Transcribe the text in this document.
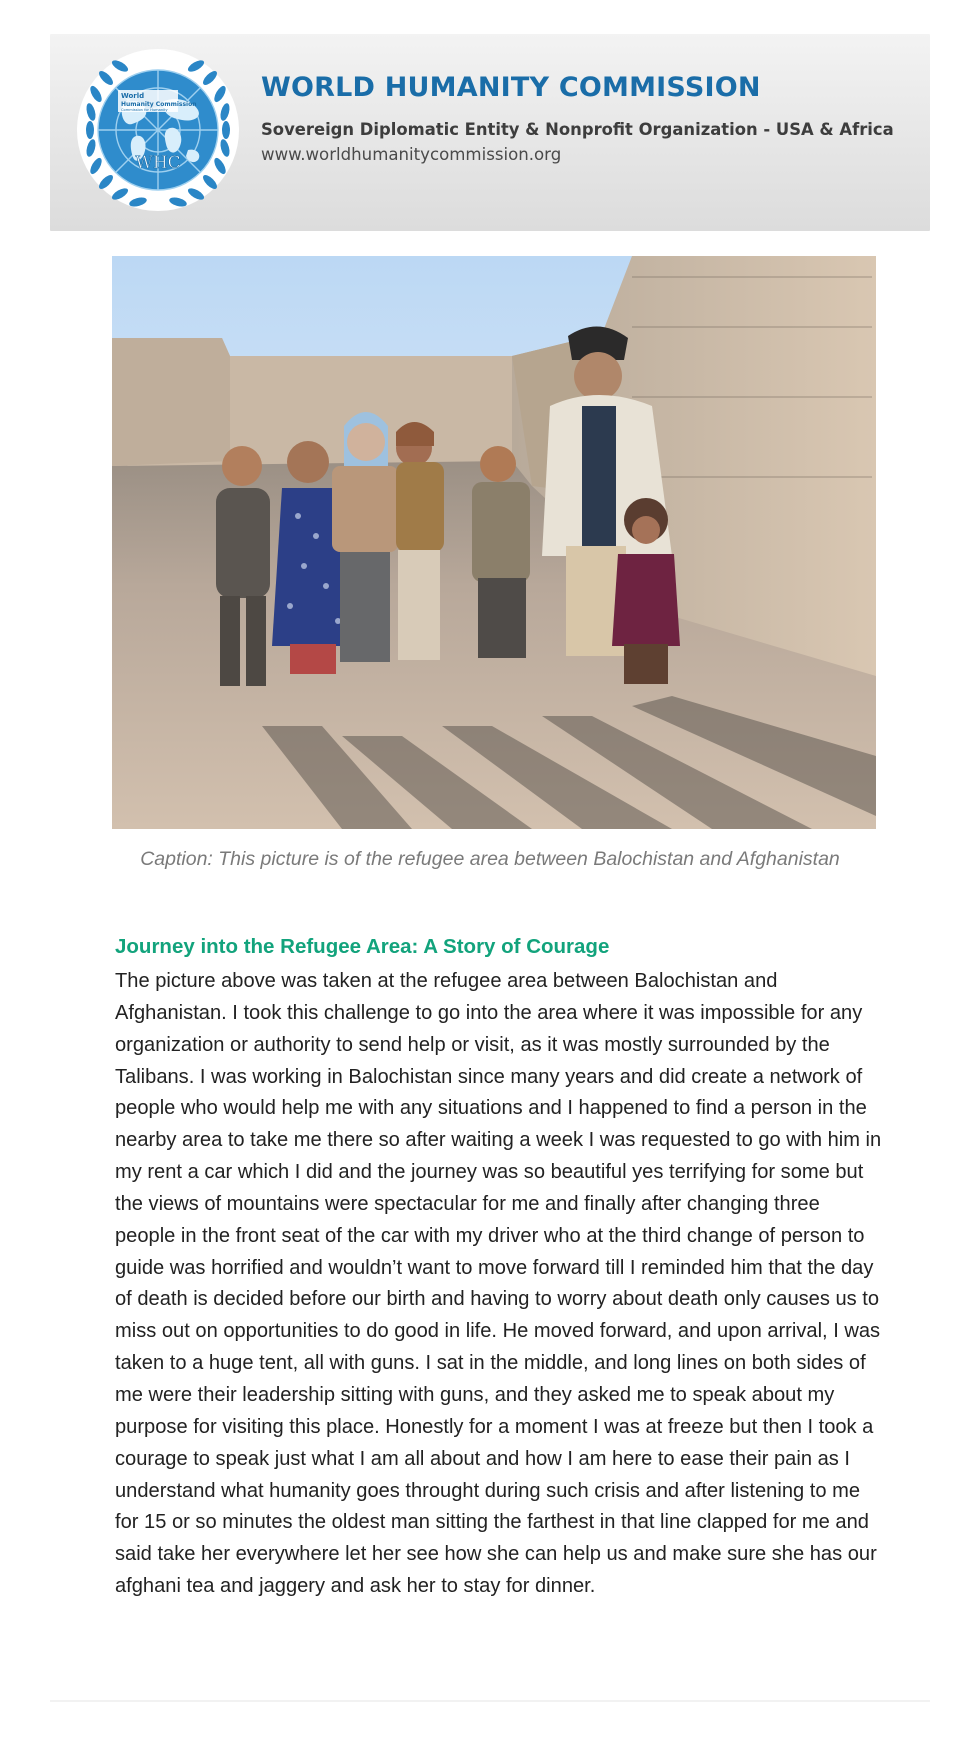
World
Humanity Commission
Commission for Humanity
WHC
WORLD HUMANITY COMMISSION
Sovereign Diplomatic Entity & Nonprofit Organization - USA & Africa
www.worldhumanitycommission.org
Caption: This picture is of the refugee area between Balochistan and Afghanistan
Journey into the Refugee Area: A Story of Courage

The picture above was taken at the refugee area between Balochistan and Afghanistan. I took this challenge to go into the area where it was impossible for any organization or authority to send help or visit, as it was mostly surrounded by the Talibans. I was working in Balochistan since many years and did create a network of people who would help me with any situations and I happened to find a person in the nearby area to take me there so after waiting a week I was requested to go with him in my rent a car which I did and the journey was so beautiful yes terrifying for some but the views of mountains were spectacular for me and finally after changing three people in the front seat of the car with my driver who at the third change of person to guide was horrified and wouldn’t want to move forward till I reminded him that the day of death is decided before our birth and having to worry about death only causes us to miss out on opportunities to do good in life. He moved forward, and upon arrival, I was taken to a huge tent, all with guns. I sat in the middle, and long lines on both sides of me were their leadership sitting with guns, and they asked me to speak about my purpose for visiting this place. Honestly for a moment I was at freeze but then I took a courage to speak just what I am all about and how I am here to ease their pain as I understand what humanity goes throught during such crisis and after listening to me for 15 or so minutes the oldest man sitting the farthest in that line clapped for me and said take her everywhere let her see how she can help us and make sure she has our afghani tea and jaggery and ask her to stay for dinner.
